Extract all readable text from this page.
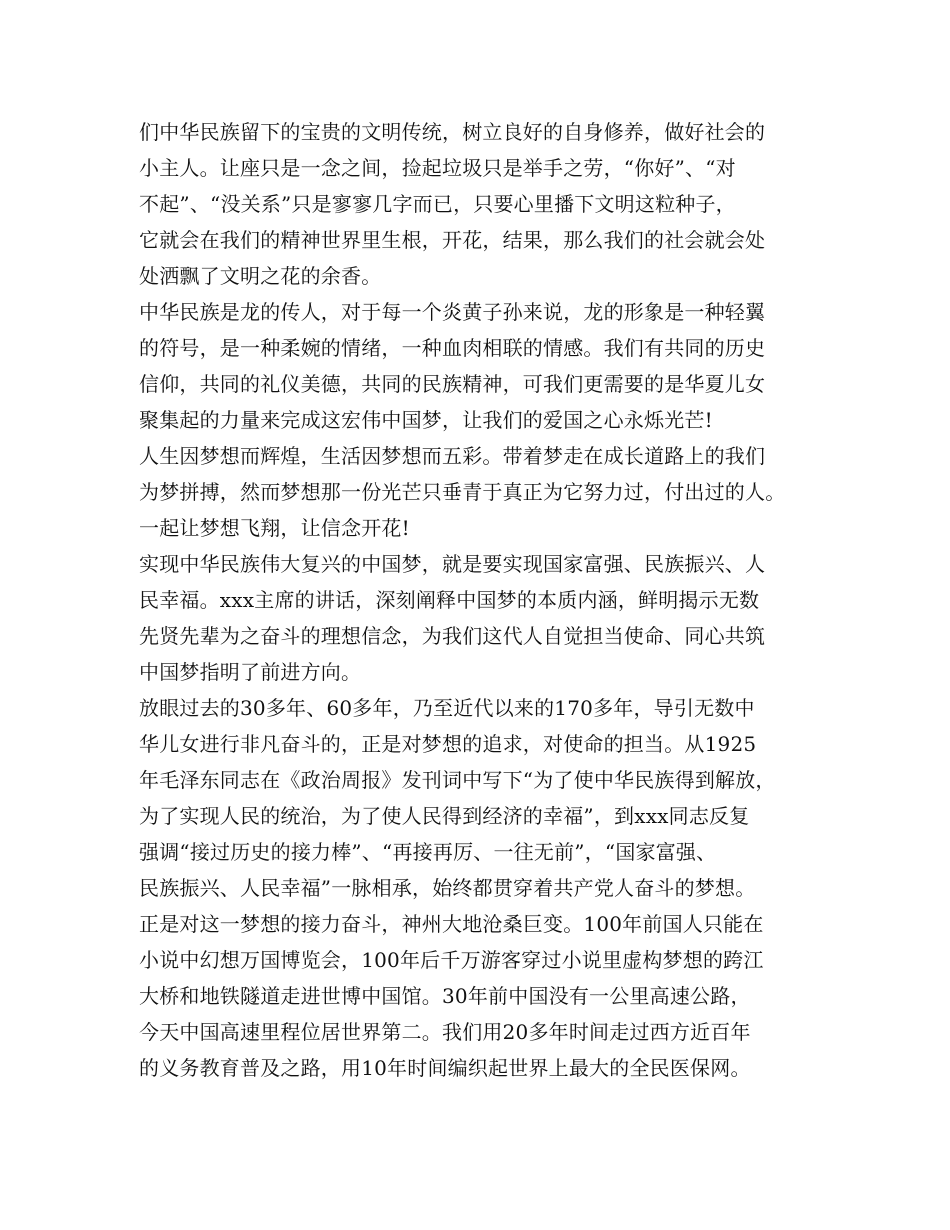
们中华民族留下的宝贵的文明传统，树立良好的自身修养，做好社会的
小主人。让座只是一念之间，捡起垃圾只是举手之劳，“你好”、“对
不起”、“没关系”只是寥寥几字而已，只要心里播下文明这粒种子，
它就会在我们的精神世界里生根，开花，结果，那么我们的社会就会处
处洒飘了文明之花的余香。
中华民族是龙的传人，对于每一个炎黄子孙来说，龙的形象是一种轻翼
的符号，是一种柔婉的情绪，一种血肉相联的情感。我们有共同的历史
信仰，共同的礼仪美德，共同的民族精神，可我们更需要的是华夏儿女
聚集起的力量来完成这宏伟中国梦，让我们的爱国之心永烁光芒!
人生因梦想而辉煌，生活因梦想而五彩。带着梦走在成长道路上的我们
为梦拼搏，然而梦想那一份光芒只垂青于真正为它努力过，付出过的人。
一起让梦想飞翔，让信念开花!
实现中华民族伟大复兴的中国梦，就是要实现国家富强、民族振兴、人
民幸福。xxx主席的讲话，深刻阐释中国梦的本质内涵，鲜明揭示无数
先贤先辈为之奋斗的理想信念，为我们这代人自觉担当使命、同心共筑
中国梦指明了前进方向。
放眼过去的30多年、60多年，乃至近代以来的170多年，导引无数中
华儿女进行非凡奋斗的，正是对梦想的追求，对使命的担当。从1925
年毛泽东同志在《政治周报》发刊词中写下“为了使中华民族得到解放，
为了实现人民的统治，为了使人民得到经济的幸福”，到xxx同志反复
强调“接过历史的接力棒”、“再接再厉、一往无前”，“国家富强、
民族振兴、人民幸福”一脉相承，始终都贯穿着共产党人奋斗的梦想。
正是对这一梦想的接力奋斗，神州大地沧桑巨变。100年前国人只能在
小说中幻想万国博览会，100年后千万游客穿过小说里虚构梦想的跨江
大桥和地铁隧道走进世博中国馆。30年前中国没有一公里高速公路，
今天中国高速里程位居世界第二。我们用20多年时间走过西方近百年
的义务教育普及之路，用10年时间编织起世界上最大的全民医保网。
